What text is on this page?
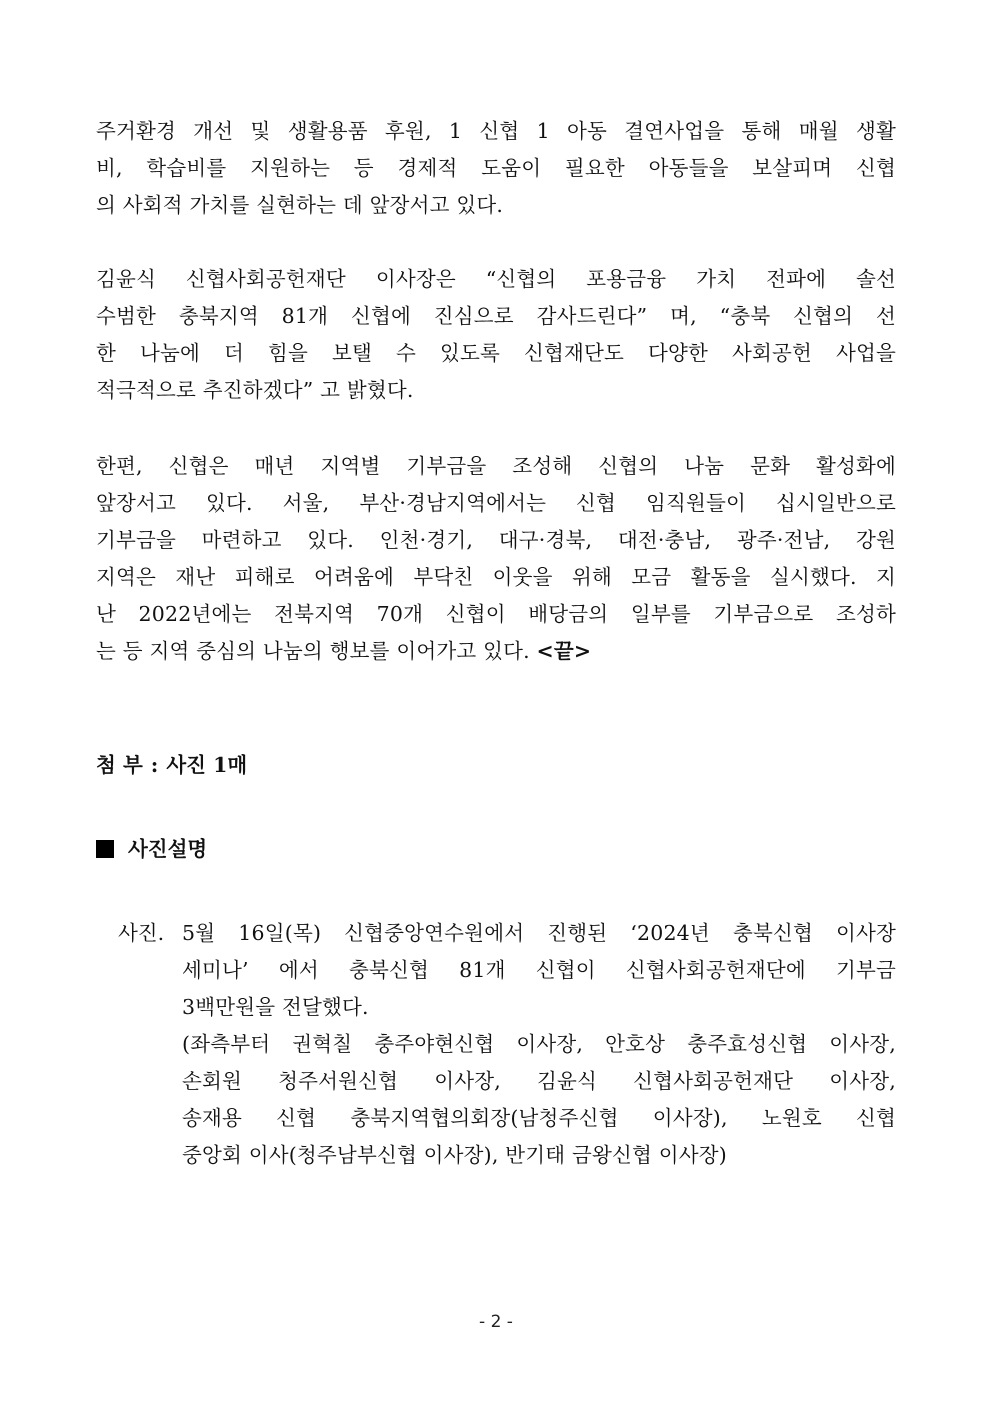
주거환경 개선 및 생활용품 후원, 1 신협 1 아동 결연사업을 통해 매월 생활
비, 학습비를 지원하는 등 경제적 도움이 필요한 아동들을 보살피며 신협
의 사회적 가치를 실현하는 데 앞장서고 있다.
김윤식 신협사회공헌재단 이사장은 “신협의 포용금융 가치 전파에 솔선
수범한 충북지역 81개 신협에 진심으로 감사드린다” 며, “충북 신협의 선
한 나눔에 더 힘을 보탤 수 있도록 신협재단도 다양한 사회공헌 사업을
적극적으로 추진하겠다” 고 밝혔다.
한편, 신협은 매년 지역별 기부금을 조성해 신협의 나눔 문화 활성화에
앞장서고 있다. 서울, 부산·경남지역에서는 신협 임직원들이 십시일반으로
기부금을 마련하고 있다. 인천·경기, 대구·경북, 대전·충남, 광주·전남, 강원
지역은 재난 피해로 어려움에 부닥친 이웃을 위해 모금 활동을 실시했다. 지
난 2022년에는 전북지역 70개 신협이 배당금의 일부를 기부금으로 조성하
는 등 지역 중심의 나눔의 행보를 이어가고 있다. <끝>
첨 부 : 사진 1매
사진설명
사진. 5월 16일(목) 신협중앙연수원에서 진행된 ‘2024년 충북신협 이사장
세미나’ 에서 충북신협 81개 신협이 신협사회공헌재단에 기부금
3백만원을 전달했다.
(좌측부터 권혁칠 충주야현신협 이사장, 안호상 충주효성신협 이사장,
손회원 청주서원신협 이사장, 김윤식 신협사회공헌재단 이사장,
송재용 신협 충북지역협의회장(남청주신협 이사장), 노원호 신협
중앙회 이사(청주남부신협 이사장), 반기태 금왕신협 이사장)
- 2 -
